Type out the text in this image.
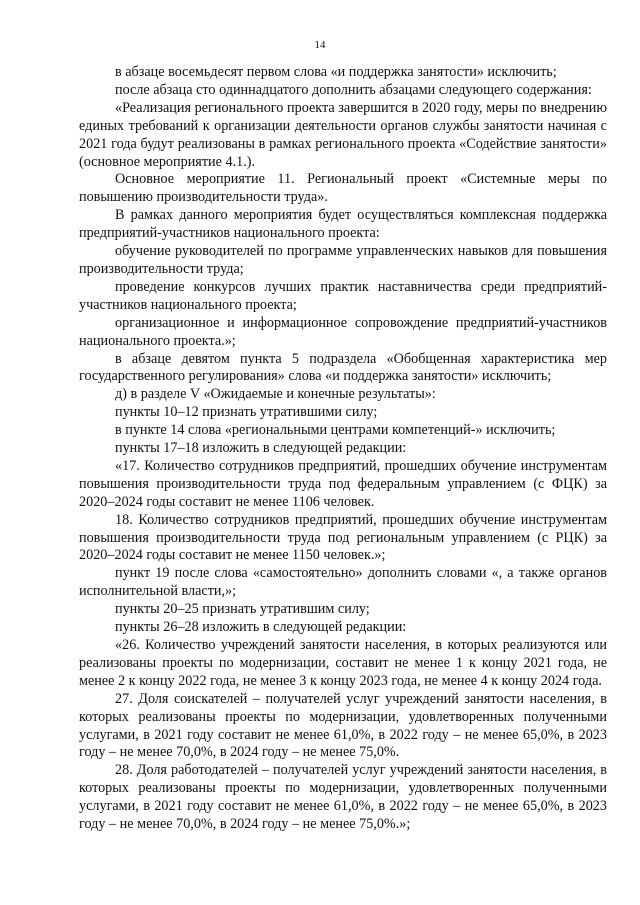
14

в абзаце восемьдесят первом слова «и поддержка занятости» исключить;

после абзаца сто одиннадцатого дополнить абзацами следующего содержания:

«Реализация регионального проекта завершится в 2020 году, меры по внедрению единых требований к организации деятельности органов службы занятости начиная с 2021 года будут реализованы в рамках регионального проекта «Содействие занятости» (основное мероприятие 4.1.).

Основное мероприятие 11. Региональный проект «Системные меры по повышению производительности труда».

В рамках данного мероприятия будет осуществляться комплексная поддержка предприятий-участников национального проекта:

обучение руководителей по программе управленческих навыков для повышения производительности труда;

проведение конкурсов лучших практик наставничества среди предприятий-участников национального проекта;

организационное и информационное сопровождение предприятий-участников национального проекта.»;

в абзаце девятом пункта 5 подраздела «Обобщенная характеристика мер государственного регулирования» слова «и поддержка занятости» исключить;

д) в разделе V «Ожидаемые и конечные результаты»:

пункты 10–12 признать утратившими силу;

в пункте 14 слова «региональными центрами компетенций-» исключить;

пункты 17–18 изложить в следующей редакции:

«17. Количество сотрудников предприятий, прошедших обучение инструментам повышения производительности труда под федеральным управлением (с ФЦК) за 2020–2024 годы составит не менее 1106 человек.

18. Количество сотрудников предприятий, прошедших обучение инструментам повышения производительности труда под региональным управлением (с РЦК) за 2020–2024 годы составит не менее 1150 человек.»;

пункт 19 после слова «самостоятельно» дополнить словами «, а также органов исполнительной власти,»;

пункты 20–25 признать утратившим силу;

пункты 26–28 изложить в следующей редакции:

«26. Количество учреждений занятости населения, в которых реализуются или реализованы проекты по модернизации, составит не менее 1 к концу 2021 года, не менее 2 к концу 2022 года, не менее 3 к концу 2023 года, не менее 4 к концу 2024 года.

27. Доля соискателей – получателей услуг учреждений занятости населения, в которых реализованы проекты по модернизации, удовлетворенных полученными услугами, в 2021 году составит не менее 61,0%, в 2022 году – не менее 65,0%, в 2023 году – не менее 70,0%, в 2024 году – не менее 75,0%.

28. Доля работодателей – получателей услуг учреждений занятости населения, в которых реализованы проекты по модернизации, удовлетворенных полученными услугами, в 2021 году составит не менее 61,0%, в 2022 году – не менее 65,0%, в 2023 году – не менее 70,0%, в 2024 году – не менее 75,0%.»;
